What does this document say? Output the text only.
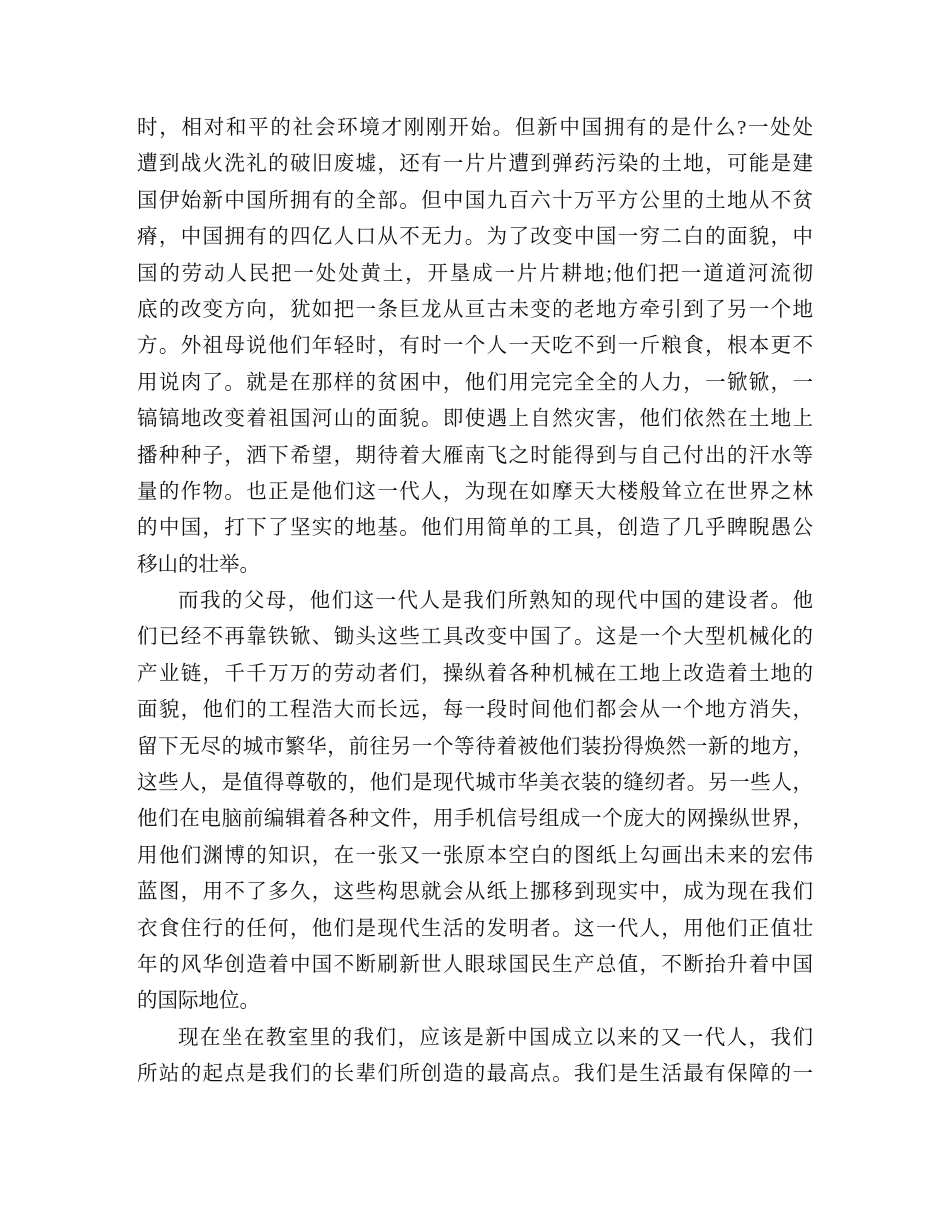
时，相对和平的社会环境才刚刚开始。但新中国拥有的是什么?一处处
遭到战火洗礼的破旧废墟，还有一片片遭到弹药污染的土地，可能是建
国伊始新中国所拥有的全部。但中国九百六十万平方公里的土地从不贫
瘠，中国拥有的四亿人口从不无力。为了改变中国一穷二白的面貌，中
国的劳动人民把一处处黄土，开垦成一片片耕地;他们把一道道河流彻
底的改变方向，犹如把一条巨龙从亘古未变的老地方牵引到了另一个地
方。外祖母说他们年轻时，有时一个人一天吃不到一斤粮食，根本更不
用说肉了。就是在那样的贫困中，他们用完完全全的人力，一锨锨，一
镐镐地改变着祖国河山的面貌。即使遇上自然灾害，他们依然在土地上
播种种子，洒下希望，期待着大雁南飞之时能得到与自己付出的汗水等
量的作物。也正是他们这一代人，为现在如摩天大楼般耸立在世界之林
的中国，打下了坚实的地基。他们用简单的工具，创造了几乎睥睨愚公
移山的壮举。
而我的父母，他们这一代人是我们所熟知的现代中国的建设者。他
们已经不再靠铁锨、锄头这些工具改变中国了。这是一个大型机械化的
产业链，千千万万的劳动者们，操纵着各种机械在工地上改造着土地的
面貌，他们的工程浩大而长远，每一段时间他们都会从一个地方消失，
留下无尽的城市繁华，前往另一个等待着被他们装扮得焕然一新的地方，
这些人，是值得尊敬的，他们是现代城市华美衣装的缝纫者。另一些人，
他们在电脑前编辑着各种文件，用手机信号组成一个庞大的网操纵世界，
用他们渊博的知识，在一张又一张原本空白的图纸上勾画出未来的宏伟
蓝图，用不了多久，这些构思就会从纸上挪移到现实中，成为现在我们
衣食住行的任何，他们是现代生活的发明者。这一代人，用他们正值壮
年的风华创造着中国不断刷新世人眼球国民生产总值，不断抬升着中国
的国际地位。
现在坐在教室里的我们，应该是新中国成立以来的又一代人，我们
所站的起点是我们的长辈们所创造的最高点。我们是生活最有保障的一
